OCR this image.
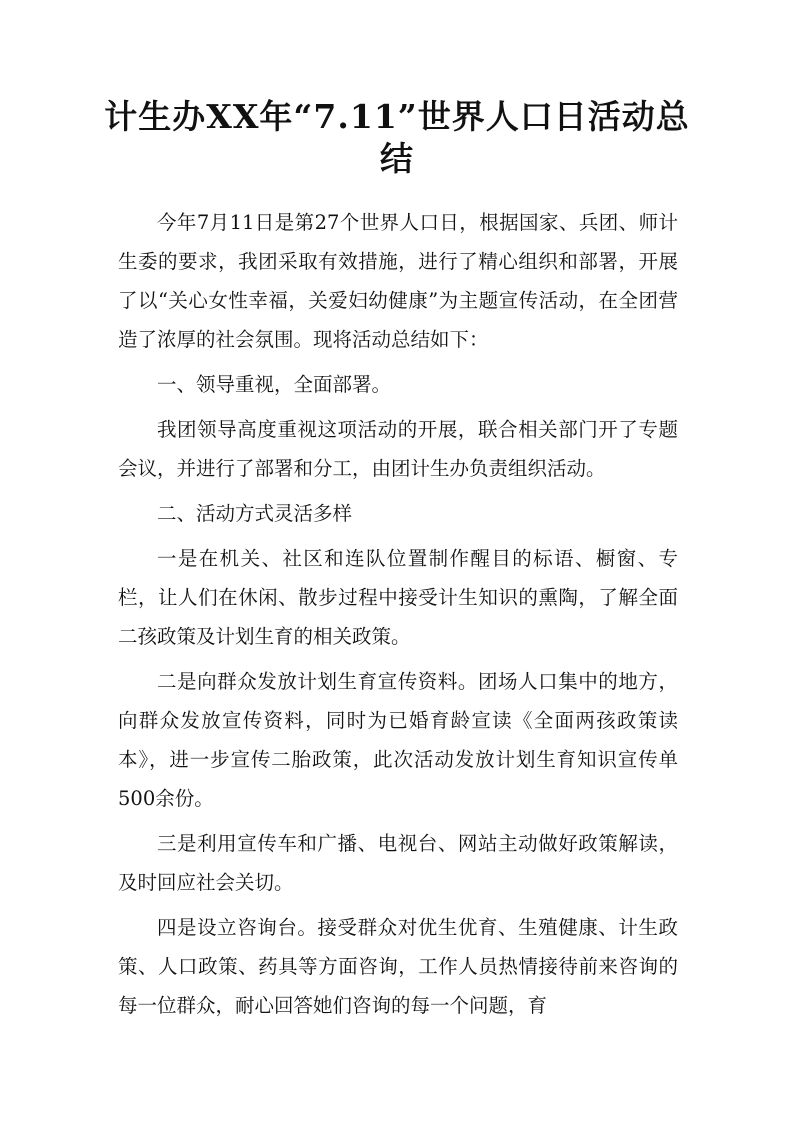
计生办XX年“7.11”世界人口日活动总结

今年7月11日是第27个世界人口日，根据国家、兵团、师计生委的要求，我团采取有效措施，进行了精心组织和部署，开展了以“关心女性幸福，关爱妇幼健康”为主题宣传活动，在全团营造了浓厚的社会氛围。现将活动总结如下：

一、领导重视，全面部署。

我团领导高度重视这项活动的开展，联合相关部门开了专题会议，并进行了部署和分工，由团计生办负责组织活动。

二、活动方式灵活多样

一是在机关、社区和连队位置制作醒目的标语、橱窗、专栏，让人们在休闲、散步过程中接受计生知识的熏陶，了解全面二孩政策及计划生育的相关政策。

二是向群众发放计划生育宣传资料。团场人口集中的地方，向群众发放宣传资料，同时为已婚育龄宣读《全面两孩政策读本》，进一步宣传二胎政策，此次活动发放计划生育知识宣传单500余份。

三是利用宣传车和广播、电视台、网站主动做好政策解读，及时回应社会关切。

四是设立咨询台。接受群众对优生优育、生殖健康、计生政策、人口政策、药具等方面咨询，工作人员热情接待前来咨询的每一位群众，耐心回答她们咨询的每一个问题，育
